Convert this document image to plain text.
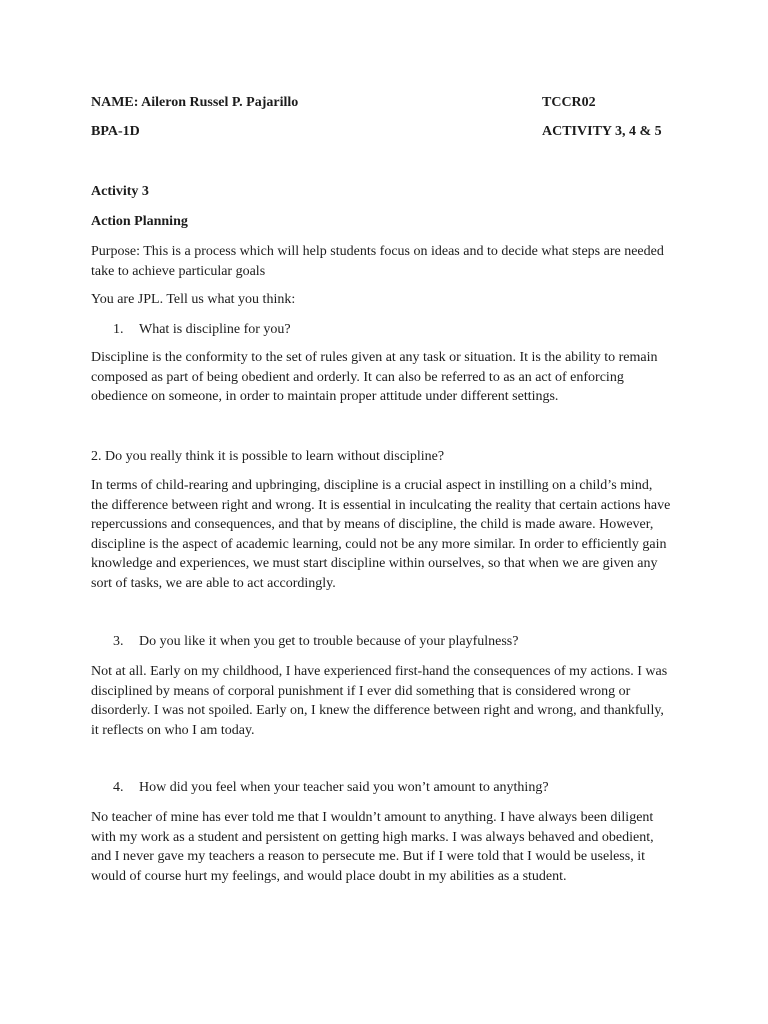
NAME: Aileron Russel P. Pajarillo	TCCR02
BPA-1D	ACTIVITY 3, 4 & 5
Activity 3
Action Planning
Purpose: This is a process which will help students focus on ideas and to decide what steps are needed take to achieve particular goals
You are JPL. Tell us what you think:
1. What is discipline for you?
Discipline is the conformity to the set of rules given at any task or situation. It is the ability to remain composed as part of being obedient and orderly. It can also be referred to as an act of enforcing obedience on someone, in order to maintain proper attitude under different settings.
2. Do you really think it is possible to learn without discipline?
In terms of child-rearing and upbringing, discipline is a crucial aspect in instilling on a child’s mind, the difference between right and wrong. It is essential in inculcating the reality that certain actions have repercussions and consequences, and that by means of discipline, the child is made aware. However, discipline is the aspect of academic learning, could not be any more similar. In order to efficiently gain knowledge and experiences, we must start discipline within ourselves, so that when we are given any sort of tasks, we are able to act accordingly.
3. Do you like it when you get to trouble because of your playfulness?
Not at all. Early on my childhood, I have experienced first-hand the consequences of my actions. I was disciplined by means of corporal punishment if I ever did something that is considered wrong or disorderly. I was not spoiled. Early on, I knew the difference between right and wrong, and thankfully, it reflects on who I am today.
4. How did you feel when your teacher said you won’t amount to anything?
No teacher of mine has ever told me that I wouldn’t amount to anything. I have always been diligent with my work as a student and persistent on getting high marks. I was always behaved and obedient, and I never gave my teachers a reason to persecute me. But if I were told that I would be useless, it would of course hurt my feelings, and would place doubt in my abilities as a student.
